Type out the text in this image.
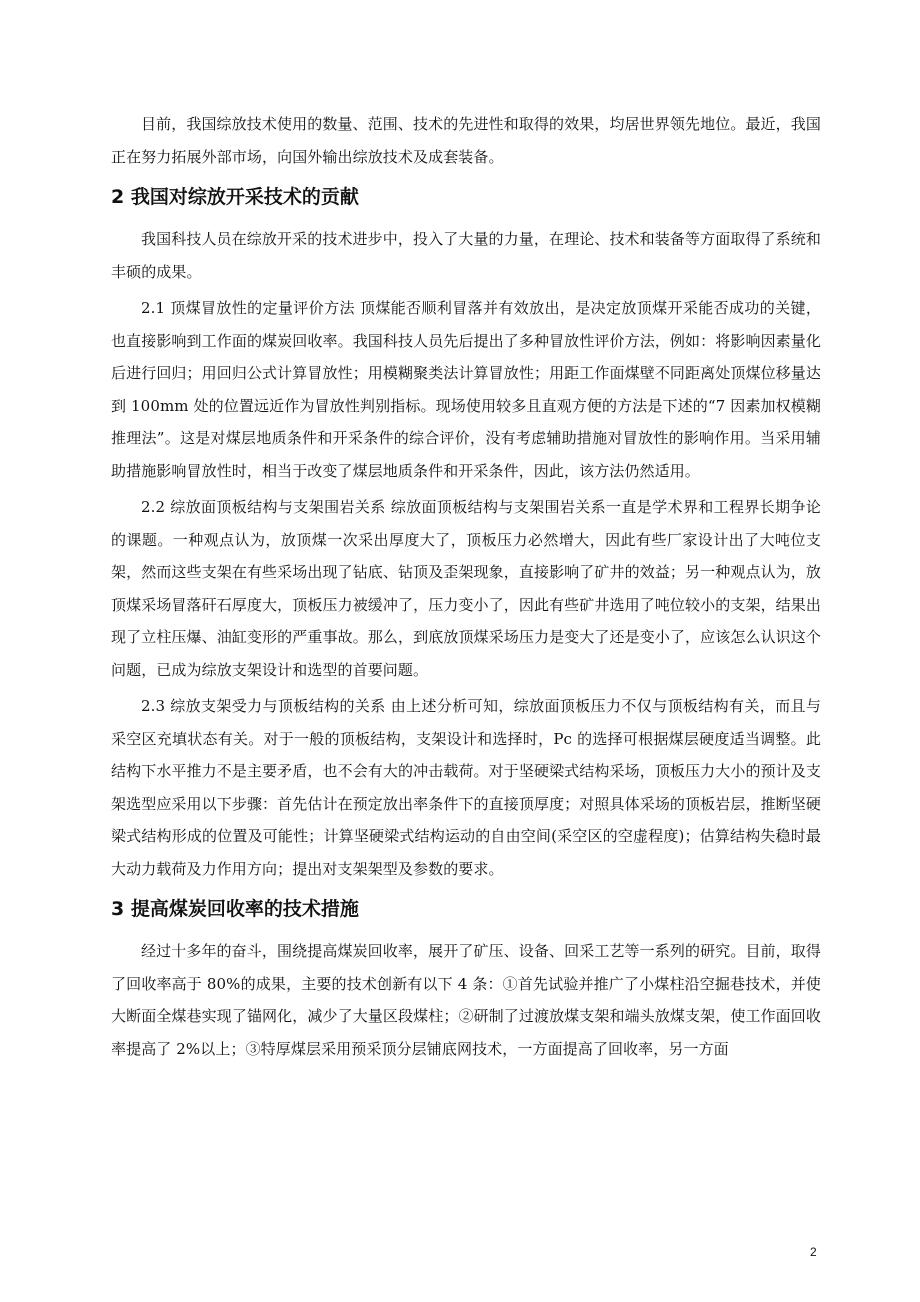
目前，我国综放技术使用的数量、范围、技术的先进性和取得的效果，均居世界领先地位。最近，我国正在努力拓展外部市场，向国外输出综放技术及成套装备。

2 我国对综放开采技术的贡献

我国科技人员在综放开采的技术进步中，投入了大量的力量，在理论、技术和装备等方面取得了系统和丰硕的成果。

2.1 顶煤冒放性的定量评价方法 顶煤能否顺利冒落并有效放出，是决定放顶煤开采能否成功的关键，也直接影响到工作面的煤炭回收率。我国科技人员先后提出了多种冒放性评价方法，例如：将影响因素量化后进行回归；用回归公式计算冒放性；用模糊聚类法计算冒放性；用距工作面煤壁不同距离处顶煤位移量达到 100mm 处的位置远近作为冒放性判别指标。现场使用较多且直观方便的方法是下述的“7 因素加权模糊推理法”。这是对煤层地质条件和开采条件的综合评价，没有考虑辅助措施对冒放性的影响作用。当采用辅助措施影响冒放性时，相当于改变了煤层地质条件和开采条件，因此，该方法仍然适用。

2.2 综放面顶板结构与支架围岩关系 综放面顶板结构与支架围岩关系一直是学术界和工程界长期争论的课题。一种观点认为，放顶煤一次采出厚度大了，顶板压力必然增大，因此有些厂家设计出了大吨位支架，然而这些支架在有些采场出现了钻底、钻顶及歪架现象，直接影响了矿井的效益；另一种观点认为，放顶煤采场冒落矸石厚度大，顶板压力被缓冲了，压力变小了，因此有些矿井选用了吨位较小的支架，结果出现了立柱压爆、油缸变形的严重事故。那么，到底放顶煤采场压力是变大了还是变小了，应该怎么认识这个问题，已成为综放支架设计和选型的首要问题。

2.3 综放支架受力与顶板结构的关系 由上述分析可知，综放面顶板压力不仅与顶板结构有关，而且与采空区充填状态有关。对于一般的顶板结构，支架设计和选择时，Pc 的选择可根据煤层硬度适当调整。此结构下水平推力不是主要矛盾，也不会有大的冲击载荷。对于坚硬梁式结构采场，顶板压力大小的预计及支架选型应采用以下步骤：首先估计在预定放出率条件下的直接顶厚度；对照具体采场的顶板岩层，推断坚硬梁式结构形成的位置及可能性；计算坚硬梁式结构运动的自由空间(采空区的空虚程度)；估算结构失稳时最大动力载荷及力作用方向；提出对支架架型及参数的要求。

3 提高煤炭回收率的技术措施

经过十多年的奋斗，围绕提高煤炭回收率，展开了矿压、设备、回采工艺等一系列的研究。目前，取得了回收率高于 80%的成果，主要的技术创新有以下 4 条：①首先试验并推广了小煤柱沿空掘巷技术，并使大断面全煤巷实现了锚网化，减少了大量区段煤柱；②研制了过渡放煤支架和端头放煤支架，使工作面回收率提高了 2%以上；③特厚煤层采用预采顶分层铺底网技术，一方面提高了回收率，另一方面

2
